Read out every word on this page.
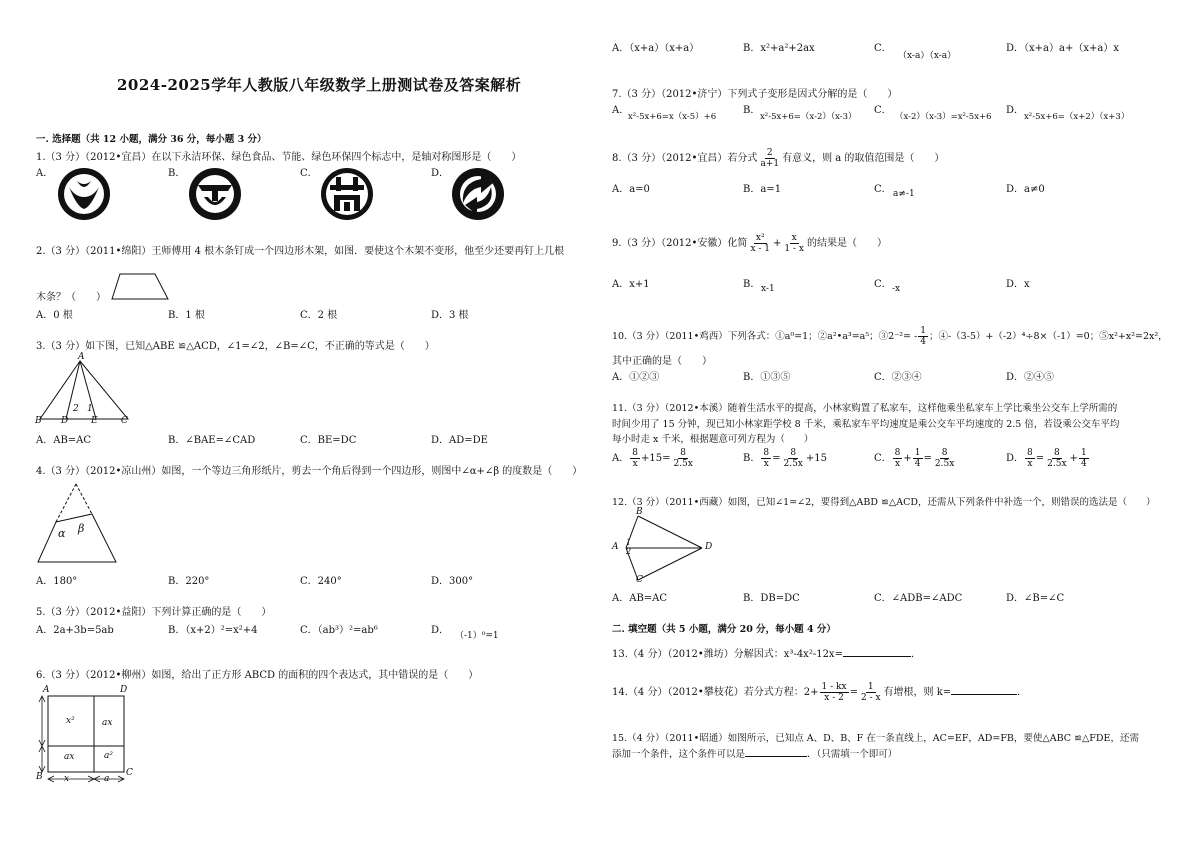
2024-2025学年人教版八年级数学上册测试卷及答案解析
一. 选择题（共 12 小题，满分 36 分，每小题 3 分）
1.（3 分）（2012•宜昌）在以下永洁环保、绿色食品、节能、绿色环保四个标志中，是轴对称图形是（　　）
A．	B．	C．	D．
2.（3 分）（2011•绵阳）王师傅用 4 根木条钉成一个四边形木架，如图．要使这个木架不变形，他至少还要再钉上几根
木条？（　　）
A．0 根	B．1 根	C．2 根	D．3 根
3.（3 分）如下图，已知△ABE ≌△ACD，∠1=∠2，∠B=∠C，不正确的等式是（　　）
A
B D	E	C
2 1
A．AB=AC	B．∠BAE=∠CAD	C．BE=DC	D．AD=DE
4.（3 分）（2012•凉山州）如图，一个等边三角形纸片，剪去一个角后得到一个四边形，则图中∠α+∠β 的度数是（　　）
α β
A．180°	B．220°	C．240°	D．300°
5.（3 分）（2012•益阳）下列计算正确的是（　　）
A．2a+3b=5ab	B．（x+2）²=x²+4	C．（ab³）²=ab⁶	D． （-1）⁰=1
6.（3 分）（2012•柳州）如图，给出了正方形 ABCD 的面积的四个表达式，其中错误的是（　　）
A	D
B	C
x²	ax
ax	a²
x	a
A．（x+a）（x+a）	B．x²+a²+2ax	C．
（x-a）（x-a）
D．（x+a）a+（x+a）x
7.（3 分）（2012•济宁）下列式子变形是因式分解的是（　　）
A．
x²-5x+6=x（x-5）+6
B．
x²-5x+6=（x-2）（x-3）
C．
（x-2）（x-3）=x²-5x+6
D．
x²-5x+6=（x+2）（x+3）
8.（3 分）（2012•宜昌）若分式 $\frac{2}{a+1}$ 有意义，则 a 的取值范围是（　　）
A．a=0	B．a=1	C． a≠-1	D．a≠0
9.（3 分）（2012•安徽）化简 $\frac{\text{x²}}{x - 1} + \frac{x}{1 - x}$ 的结果是（　　）
A．x+1	B． x-1	C． -x	D．x
10.（3 分）（2011•鸡西）下列各式：①a⁰=1；②a²•a³=a⁵；③2⁻²= - $\frac{1}{4}$ ；④-（3-5）+（-2）⁴÷8×（-1）=0；⑤x²+x²=2x²，
其中正确的是（　　）
A．①②③	B．①③⑤	C．②③④	D．②④⑤
11.（3 分）（2012•本溪）随着生活水平的提高，小林家购置了私家车，这样他乘坐私家车上学比乘坐公交车上学所需的
时间少用了 15 分钟，现已知小林家距学校 8 千米，乘私家车平均速度是乘公交车平均速度的 2.5 倍，若设乘公交车平均
每小时走 x 千米，根据题意可列方程为（　　）
A． $\frac{8}{x} +15= \frac{8}{2.5x}$	B． $\frac{8}{x} = \frac{8}{2.5x} +15$	C． $\frac{8}{x} + \frac{1}{4} = \frac{8}{2.5x}$	D． $\frac{8}{x} = \frac{8}{2.5x} + \frac{1}{4}$
12.（3 分）（2011•西藏）如图，已知∠1=∠2，要得到△ABD ≌△ACD，还需从下列条件中补选一个，则错误的选法是（　　）
B
A
C
D
1
2
A．AB=AC	B．DB=DC	C．∠ADB=∠ADC	D．∠B=∠C
二. 填空题（共 5 小题，满分 20 分，每小题 4 分）
13.（4 分）（2012•潍坊）分解因式：x³-4x²-12x=	．
14.（4 分）（2012•攀枝花）若分式方程：$2+ \frac{1 - kx}{x - 2} = \frac{1}{2 - x}$ 有增根，则 k=	．
15.（4 分）（2011•昭通）如图所示，已知点 A、D、B、F 在一条直线上，AC=EF，AD=FB，要使△ABC ≌△FDE，还需
添加一个条件，这个条件可以是	．（只需填一个即可）
